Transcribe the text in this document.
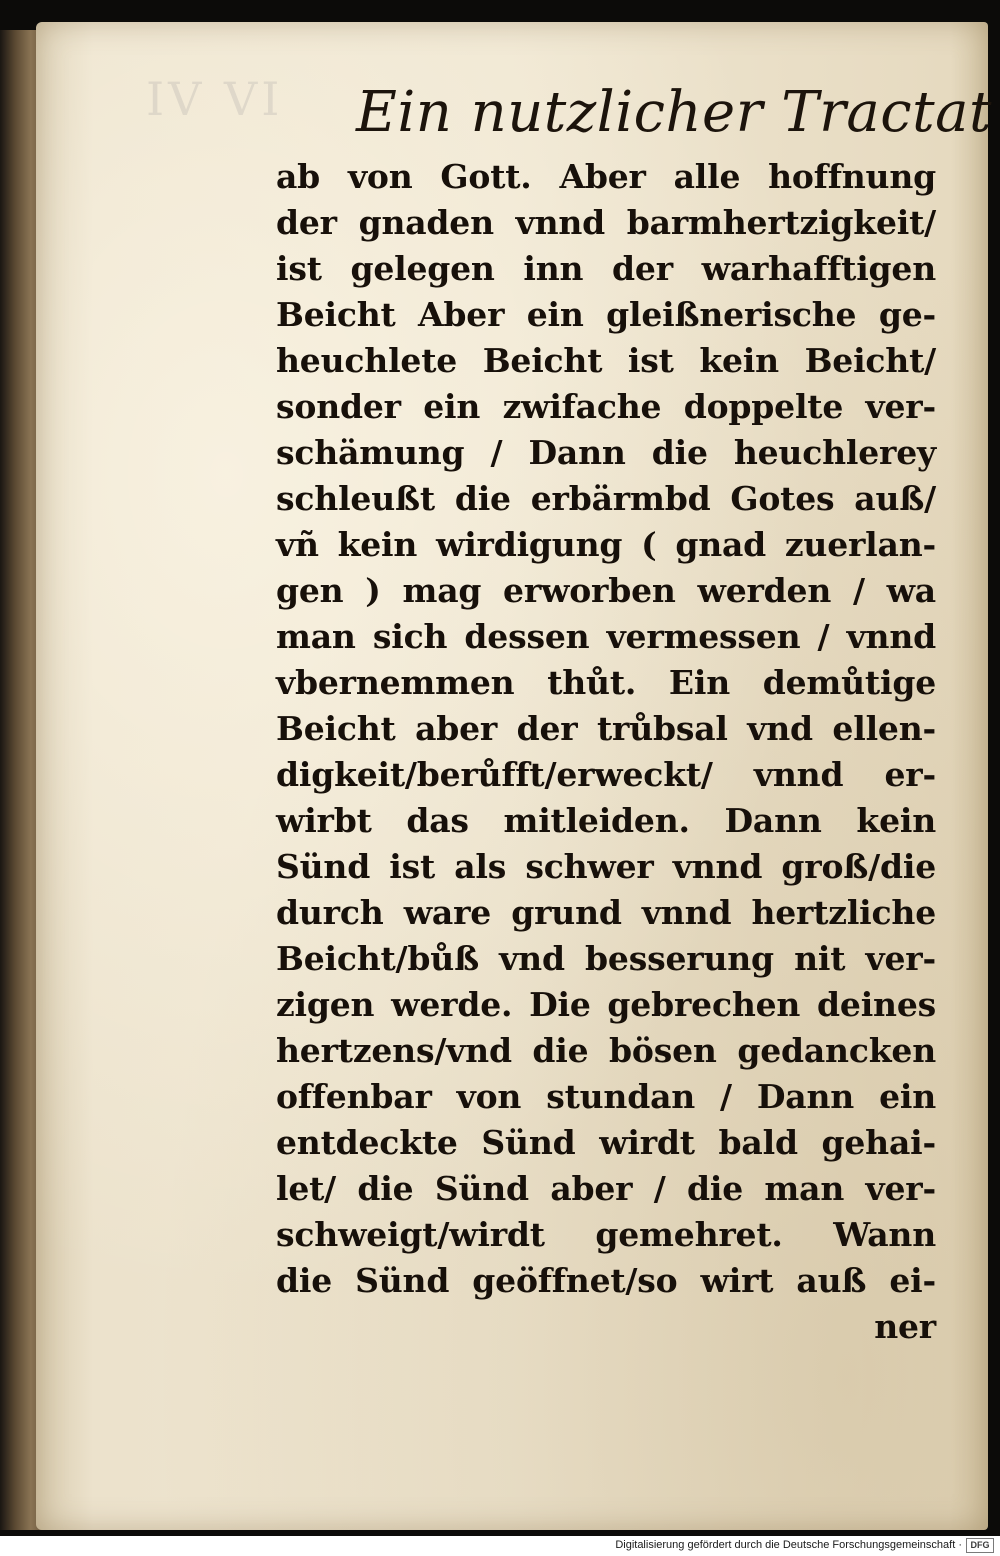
IV VI Ein nutzlicher Tractat
ab von Gott. Aber alle hoffnung
der gnaden vnnd barmhertzigkeit/
ist gelegen inn der warhafftigen
Beicht Aber ein gleißnerische ge-
heuchlete Beicht ist kein Beicht/
sonder ein zwifache doppelte ver-
schämung / Dann die heuchlerey
schleußt die erbärmbd Gotes auß/
vñ kein wirdigung ( gnad zuerlan-
gen ) mag erworben werden / wa
man sich dessen vermessen / vnnd
vbernemmen thůt. Ein demůtige
Beicht aber der trůbsal vnd ellen-
digkeit/berůfft/erweckt/ vnnd er-
wirbt das mitleiden. Dann kein
Sünd ist als schwer vnnd groß/die
durch ware grund vnnd hertzliche
Beicht/bůß vnd besserung nit ver-
zigen werde. Die gebrechen deines
hertzens/vnd die bösen gedancken
offenbar von stundan / Dann ein
entdeckte Sünd wirdt bald gehai-
let/ die Sünd aber / die man ver-
schweigt/wirdt gemehret. Wann
die Sünd geöffnet/so wirt auß ei-
ner
Digitalisierung gefördert durch die Deutsche Forschungsgemeinschaft · DFG
